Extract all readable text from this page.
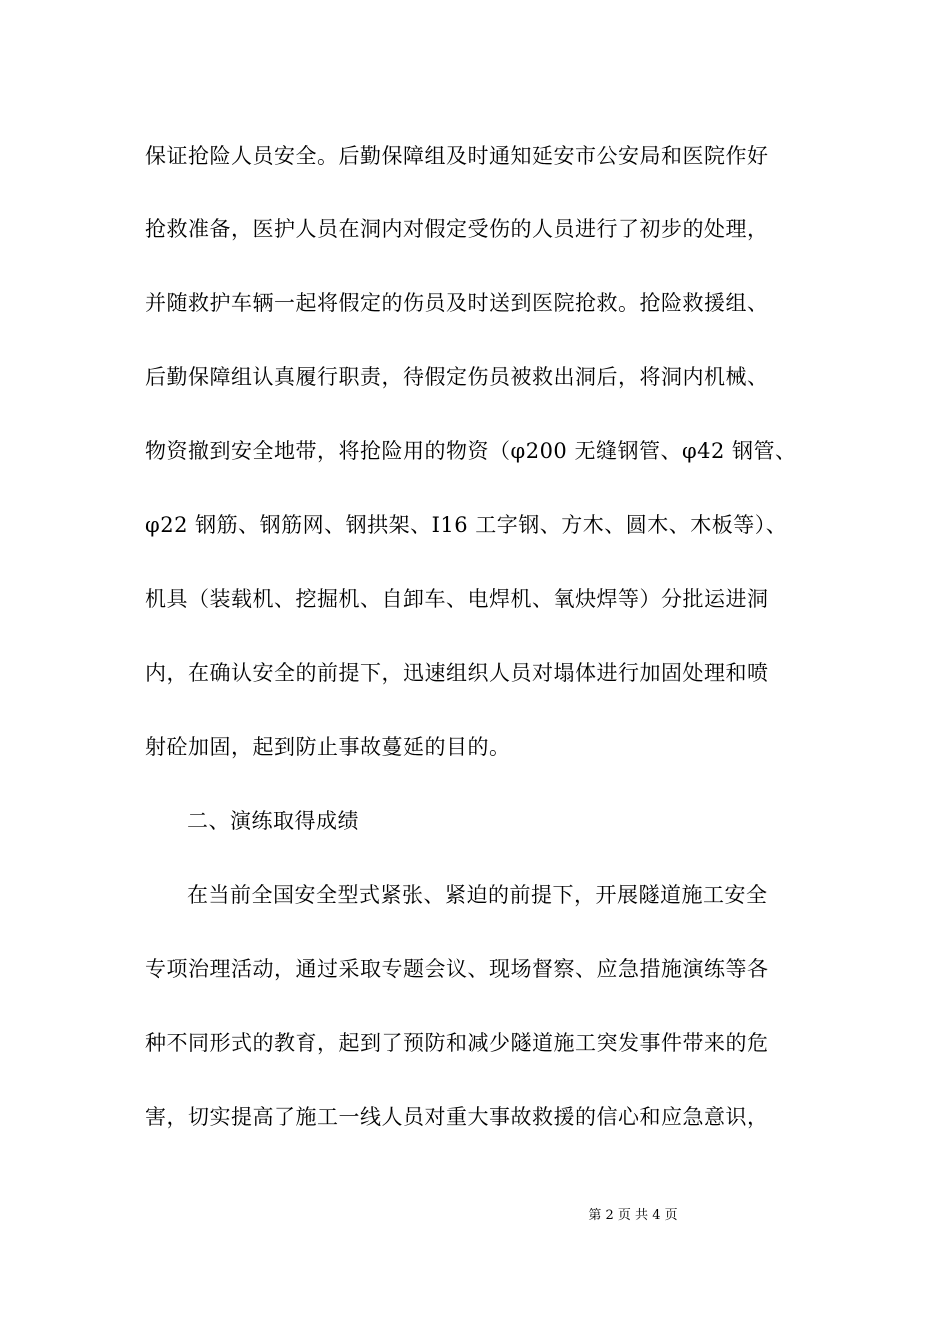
保证抢险人员安全。后勤保障组及时通知延安市公安局和医院作好
抢救准备，医护人员在洞内对假定受伤的人员进行了初步的处理，
并随救护车辆一起将假定的伤员及时送到医院抢救。抢险救援组、
后勤保障组认真履行职责，待假定伤员被救出洞后，将洞内机械、
物资撤到安全地带，将抢险用的物资（φ200 无缝钢管、φ42 钢管、
φ22 钢筋、钢筋网、钢拱架、I16 工字钢、方木、圆木、木板等）、
机具（装载机、挖掘机、自卸车、电焊机、氧炔焊等）分批运进洞
内，在确认安全的前提下，迅速组织人员对塌体进行加固处理和喷
射砼加固，起到防止事故蔓延的目的。
二、演练取得成绩
在当前全国安全型式紧张、紧迫的前提下，开展隧道施工安全
专项治理活动，通过采取专题会议、现场督察、应急措施演练等各
种不同形式的教育，起到了预防和减少隧道施工突发事件带来的危
害，切实提高了施工一线人员对重大事故救援的信心和应急意识，
第 2 页 共 4 页
